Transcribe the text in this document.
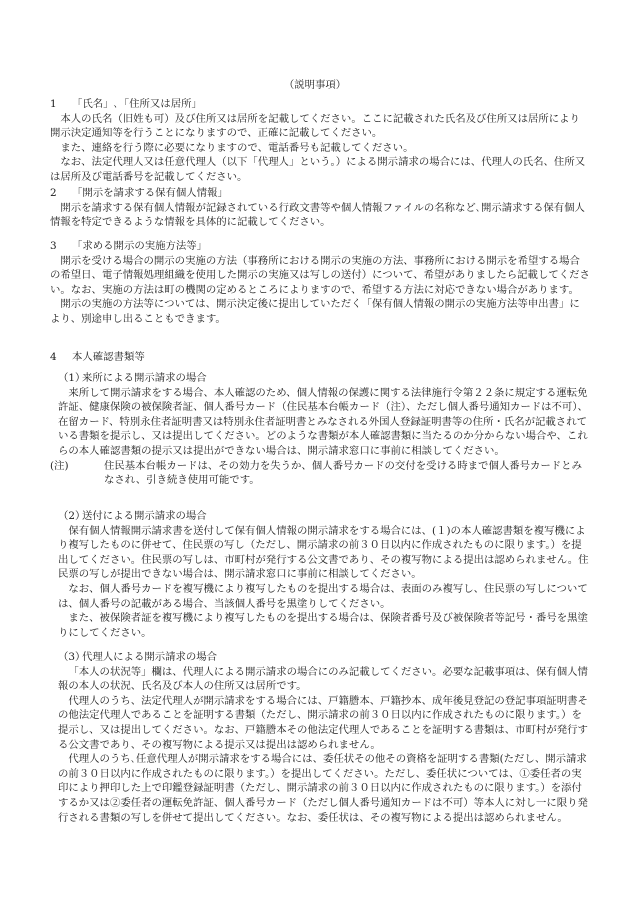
（説明事項）
1	「氏名」､「住所又は居所」

本人の氏名（旧姓も可）及び住所又は居所を記載してください。ここに記載された氏名及び住所又は居所により開示決定通知等を行うことになりますので、正確に記載してください。

また、連絡を行う際に必要になりますので、電話番号も記載してください。

なお、法定代理人又は任意代理人（以下「代理人」という。）による開示請求の場合には、代理人の氏名、住所又は居所及び電話番号を記載してください。

2	「開示を請求する保有個人情報」

開示を請求する保有個人情報が記録されている行政文書等や個人情報ファイルの名称など､開示請求する保有個人情報を特定できるような情報を具体的に記載してください。

3	「求める開示の実施方法等」

開示を受ける場合の開示の実施の方法（事務所における開示の実施の方法、事務所における開示を希望する場合の希望日、電子情報処理組織を使用した開示の実施又は写しの送付）について、希望がありましたら記載してください。なお、実施の方法は町の機関の定めるところによりますので、希望する方法に対応できない場合があります。

開示の実施の方法等については、開示決定後に提出していただく「保有個人情報の開示の実施方法等申出書」により、別途申し出ることもできます。

4	本人確認書類等
（1）
来所による開示請求の場合

来所して開示請求をする場合、本人確認のため、個人情報の保護に関する法律施行令第２２条に規定する運転免許証、健康保険の被保険者証、個人番号カード（住民基本台帳カード（注）、ただし個人番号通知カードは不可）、在留カード、特別永住者証明書又は特別永住者証明書とみなされる外国人登録証明書等の住所・氏名が記載されている書類を提示し、又は提出してください。どのような書類が本人確認書類に当たるのか分からない場合や、これらの本人確認書類の提示又は提出ができない場合は、開示請求窓口に事前に相談してください。

(注)	住民基本台帳カードは、その効力を失うか、個人番号カードの交付を受ける時まで個人番号カードとみなされ、引き続き使用可能です。
（2）
送付による開示請求の場合

保有個人情報開示請求書を送付して保有個人情報の開示請求をする場合には、(１)の本人確認書類を複写機により複写したものに併せて、住民票の写し（ただし、開示請求の前３０日以内に作成されたものに限ります。）を提出してください。住民票の写しは、市町村が発行する公文書であり、その複写物による提出は認められません。住民票の写しが提出できない場合は、開示請求窓口に事前に相談してください。

なお、個人番号カードを複写機により複写したものを提出する場合は、表面のみ複写し、住民票の写しについては、個人番号の記載がある場合、当該個人番号を黒塗りしてください。

また、被保険者証を複写機により複写したものを提出する場合は、保険者番号及び被保険者等記号・番号を黒塗りにしてください。

（3）
代理人による開示請求の場合

「本人の状況等」欄は、代理人による開示請求の場合にのみ記載してください。必要な記載事項は、保有個人情報の本人の状況、氏名及び本人の住所又は居所です。

代理人のうち、法定代理人が開示請求をする場合には、戸籍謄本、戸籍抄本、成年後見登記の登記事項証明書その他法定代理人であることを証明する書類（ただし、開示請求の前３０日以内に作成されたものに限ります。）を提示し、又は提出してください。なお、戸籍謄本その他法定代理人であることを証明する書類は、市町村が発行する公文書であり、その複写物による提示又は提出は認められません。

代理人のうち､任意代理人が開示請求をする場合には、委任状その他その資格を証明する書類(ただし、開示請求の前３０日以内に作成されたものに限ります。）を提出してください。ただし、委任状については、①委任者の実印により押印した上で印鑑登録証明書（ただし、開示請求の前３０日以内に作成されたものに限ります。）を添付するか又は②委任者の運転免許証、個人番号カード（ただし個人番号通知カードは不可）等本人に対し一に限り発行される書類の写しを併せて提出してください。なお、委任状は、その複写物による提出は認められません。
